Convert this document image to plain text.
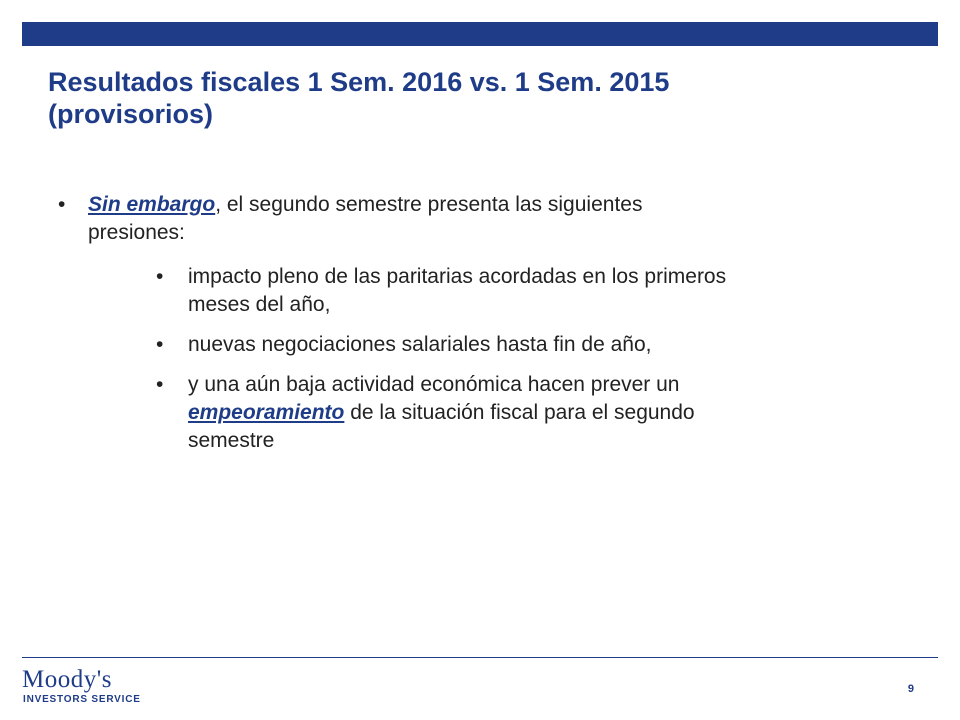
Resultados fiscales 1 Sem. 2016 vs. 1 Sem. 2015
(provisorios)
• Sin embargo, el segundo semestre presenta las siguientes
presiones:
• impacto pleno de las paritarias acordadas en los primeros
meses del año,
• nuevas negociaciones salariales hasta fin de año,
• y una aún baja actividad económica hacen prever un
empeoramiento de la situación fiscal para el segundo
semestre
Moody's
INVESTORS SERVICE
9
